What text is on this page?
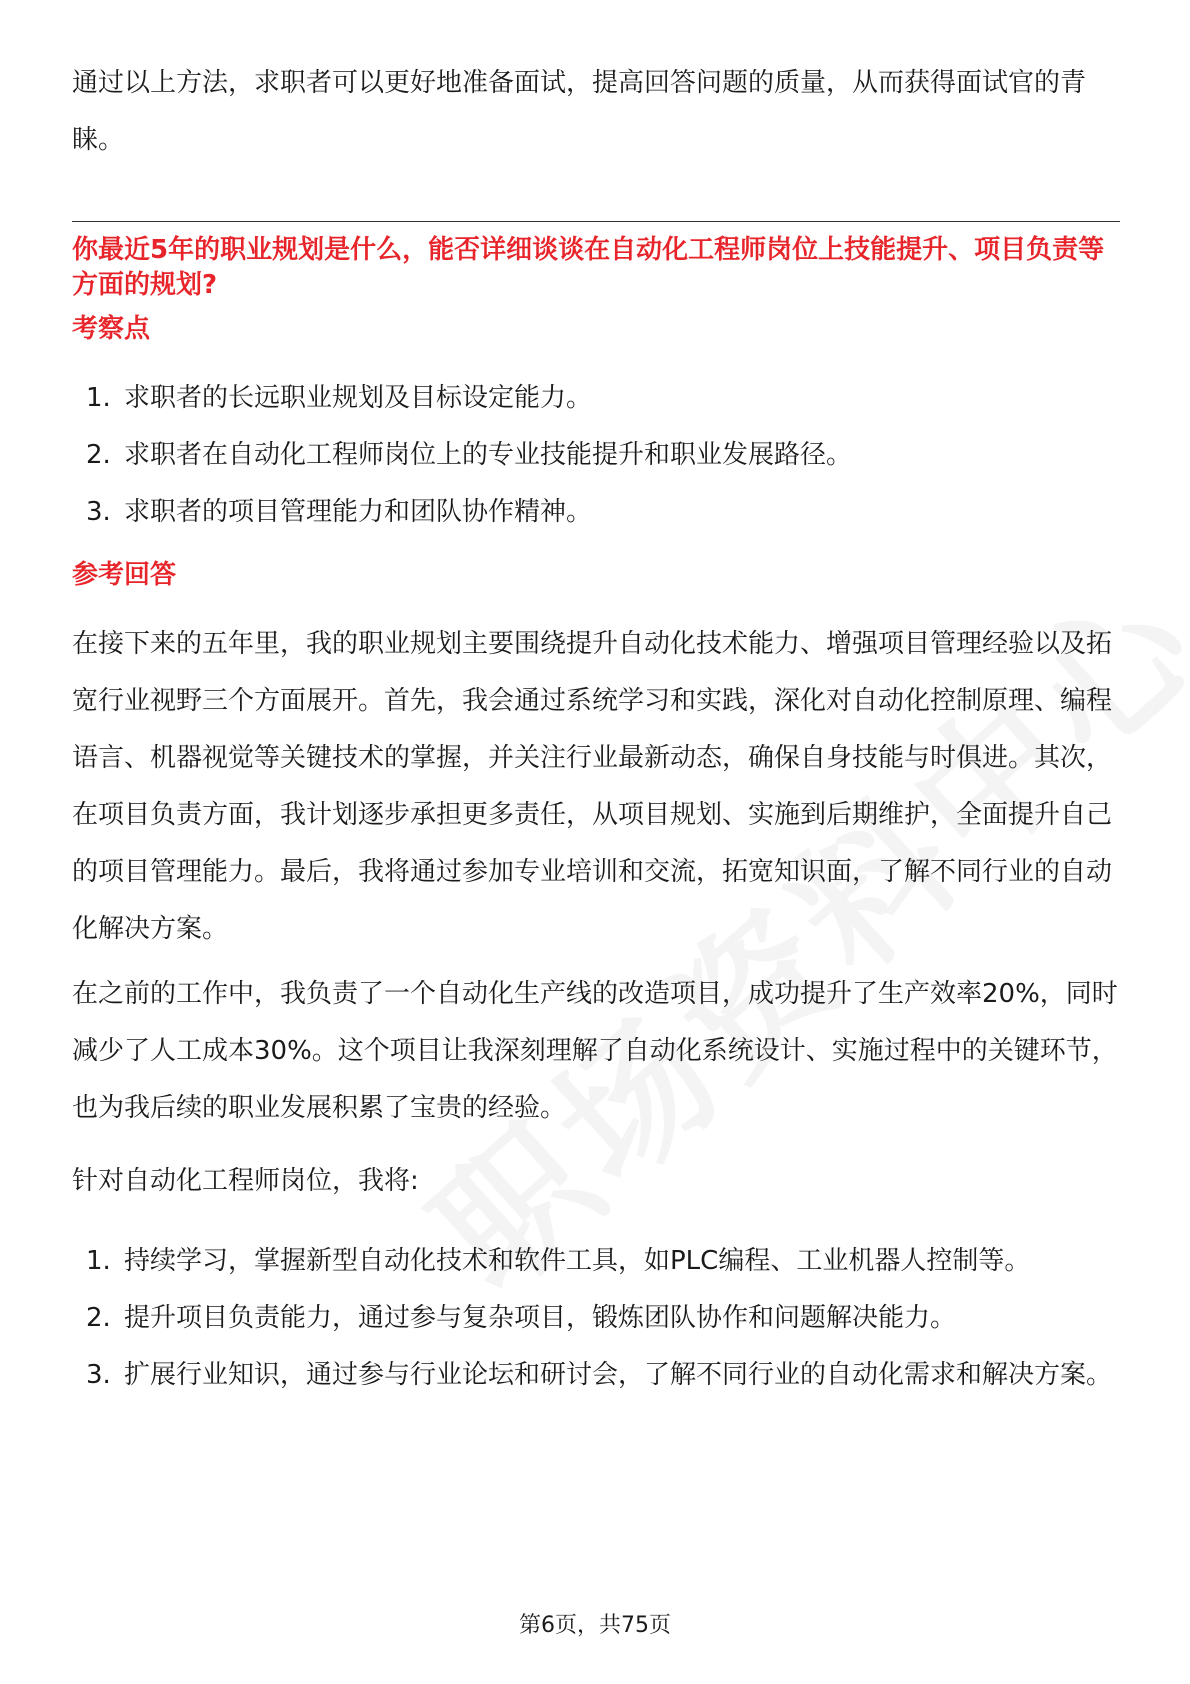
通过以上方法，求职者可以更好地准备面试，提高回答问题的质量，从而获得面试官的青睐。

你最近5年的职业规划是什么，能否详细谈谈在自动化工程师岗位上技能提升、项目负责等方面的规划?

考察点

1. 求职者的长远职业规划及目标设定能力。
2. 求职者在自动化工程师岗位上的专业技能提升和职业发展路径。
3. 求职者的项目管理能力和团队协作精神。

参考回答

在接下来的五年里，我的职业规划主要围绕提升自动化技术能力、增强项目管理经验以及拓宽行业视野三个方面展开。首先，我会通过系统学习和实践，深化对自动化控制原理、编程语言、机器视觉等关键技术的掌握，并关注行业最新动态，确保自身技能与时俱进。其次，在项目负责方面，我计划逐步承担更多责任，从项目规划、实施到后期维护，全面提升自己的项目管理能力。最后，我将通过参加专业培训和交流，拓宽知识面，了解不同行业的自动化解决方案。

在之前的工作中，我负责了一个自动化生产线的改造项目，成功提升了生产效率20%，同时减少了人工成本30%。这个项目让我深刻理解了自动化系统设计、实施过程中的关键环节，也为我后续的职业发展积累了宝贵的经验。

针对自动化工程师岗位，我将:

1. 持续学习，掌握新型自动化技术和软件工具，如PLC编程、工业机器人控制等。
2. 提升项目负责能力，通过参与复杂项目，锻炼团队协作和问题解决能力。
3. 扩展行业知识，通过参与行业论坛和研讨会，了解不同行业的自动化需求和解决方案。
第6页，共75页
